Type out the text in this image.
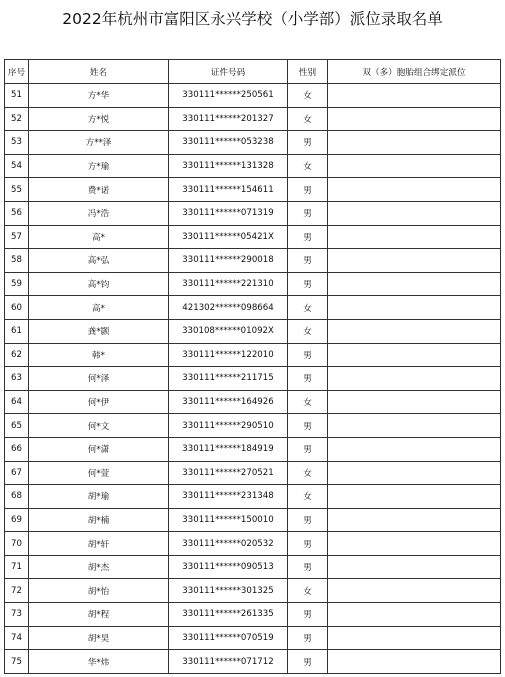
2022年杭州市富阳区永兴学校（小学部）派位录取名单
序号	姓名	证件号码	性别	双（多）胞胎组合绑定派位
51	方*华	330111******250561	女	
52	方*悦	330111******201327	女	
53	方**泽	330111******053238	男	
54	方*瑜	330111******131328	女	
55	费*诺	330111******154611	男	
56	冯*浩	330111******071319	男	
57	高*	330111******05421X	男	
58	高*弘	330111******290018	男	
59	高*钧	330111******221310	男	
60	高*	421302******098664	女	
61	龚*颢	330108******01092X	女	
62	韩*	330111******122010	男	
63	何*泽	330111******211715	男	
64	何*伊	330111******164926	女	
65	何*文	330111******290510	男	
66	何*潇	330111******184919	男	
67	何*萱	330111******270521	女	
68	胡*瑜	330111******231348	女	
69	胡*楠	330111******150010	男	
70	胡*轩	330111******020532	男	
71	胡*杰	330111******090513	男	
72	胡*怡	330111******301325	女	
73	胡*程	330111******261335	男	
74	胡*昊	330111******070519	男	
75	华*炜	330111******071712	男	
